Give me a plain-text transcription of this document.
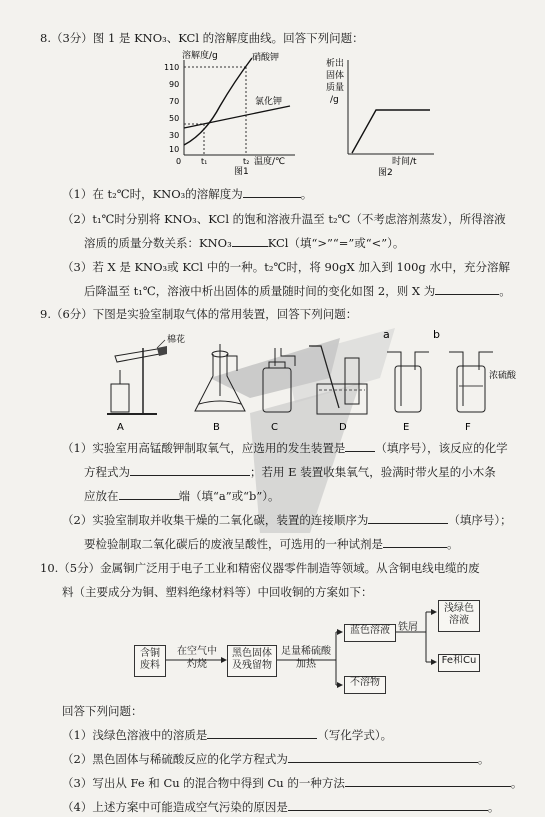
8.（3分）图 1 是 KNO₃、KCl 的溶解度曲线。回答下列问题：
溶解度/g
110
90
70
50
30
10
0 t₁	t₂
硝酸钾
氯化钾
温度/℃
图1
析出
固体
质量
/g
时间/t
图2
（1）在 t₂℃时，KNO₃的溶解度为	。
（2）t₁℃时分别将 KNO₃、KCl 的饱和溶液升温至 t₂℃（不考虑溶剂蒸发），所得溶液
溶质的质量分数关系：KNO₃	KCl（填“>”“=”或“<”）。
（3）若 X 是 KNO₃或 KCl 中的一种。t₂℃时，将 90gX 加入到 100g 水中，充分溶解
后降温至 t₁℃，溶液中析出固体的质量随时间的变化如图 2，则 X 为	。
9.（6分）下图是实验室制取气体的常用装置，回答下列问题：
棉花
A	B	C	D
a	b
E
浓硫酸
F
（1）实验室用高锰酸钾制取氧气，应选用的发生装置是	（填序号），该反应的化学
方程式为	；若用 E 装置收集氧气，验满时带火星的小木条
应放在	端（填“a”或“b”）。
（2）实验室制取并收集干燥的二氧化碳，装置的连接顺序为	（填序号）；
要检验制取二氧化碳后的废液呈酸性，可选用的一种试剂是	。
10.（5分）金属铜广泛用于电子工业和精密仪器零件制造等领域。从含铜电线电缆的废
料（主要成分为铜、塑料绝缘材料等）中回收铜的方案如下：
含铜
废料
在空气中
灼烧
黑色固体
及残留物
足量稀硫酸
加热
蓝色溶液
不溶物
铁屑
浅绿色
溶液
Fe和Cu
回答下列问题：
（1）浅绿色溶液中的溶质是	（写化学式）。
（2）黑色固体与稀硫酸反应的化学方程式为	。
（3）写出从 Fe 和 Cu 的混合物中得到 Cu 的一种方法	。
（4）上述方案中可能造成空气污染的原因是	。
